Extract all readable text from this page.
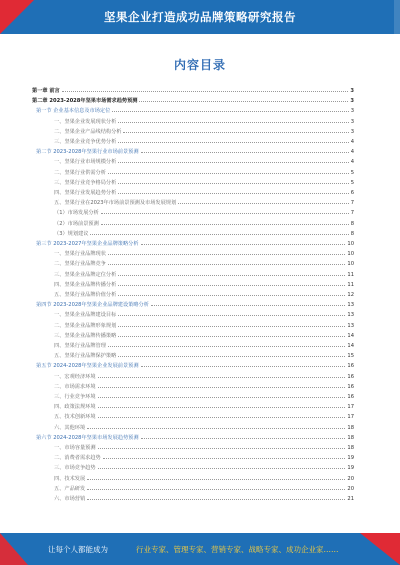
坚果企业打造成功品牌策略研究报告
内容目录
第一章 前言	3
第二章 2023-2028年坚果市场需求趋势预测	3
第一节 企业基本信息及市场定位	3
一、坚果企业发展现状分析	3
二、坚果企业产品线结构分析	3
三、坚果企业竞争优势分析	4
第二节 2023-2028年坚果行业市场前景预测	4
一、坚果行业市场规模分析	4
二、坚果行业供需分析	5
三、坚果行业竞争格局分析	5
四、坚果行业发展趋势分析	6
五、坚果行业在2023年市场前景预测及市场发展规划	7
（1）市场发展分析	7
（2）市场前景预测	8
（3）规划建议	8
第三节 2023-2027年坚果企业品牌策略分析	10
一、坚果行业品牌现状	10
二、坚果行业品牌竞争	10
三、坚果企业品牌定位分析	11
四、坚果企业品牌传播分析	11
五、坚果行业品牌价值分析	12
第四节 2023-2028年坚果企业品牌建设策略分析	13
一、坚果企业品牌建设目标	13
二、坚果企业品牌形象规划	13
三、坚果企业品牌传播策略	14
四、坚果行业品牌管理	14
五、坚果行业品牌保护策略	15
第五节 2024-2028年坚果企业发展前景预测	16
一、宏观经济环境	16
二、市场需求环境	16
三、行业竞争环境	16
四、政策法规环境	17
五、技术创新环境	17
六、其他环境	18
第六节 2024-2028年坚果市场发展趋势预测	18
一、市场容量预测	18
二、消费者需求趋势	19
三、市场竞争趋势	19
四、技术发展	20
五、产品研发	20
六、市场营销	21
让每个人都能成为	行业专家、管理专家、营销专家、战略专家、成功企业家……
